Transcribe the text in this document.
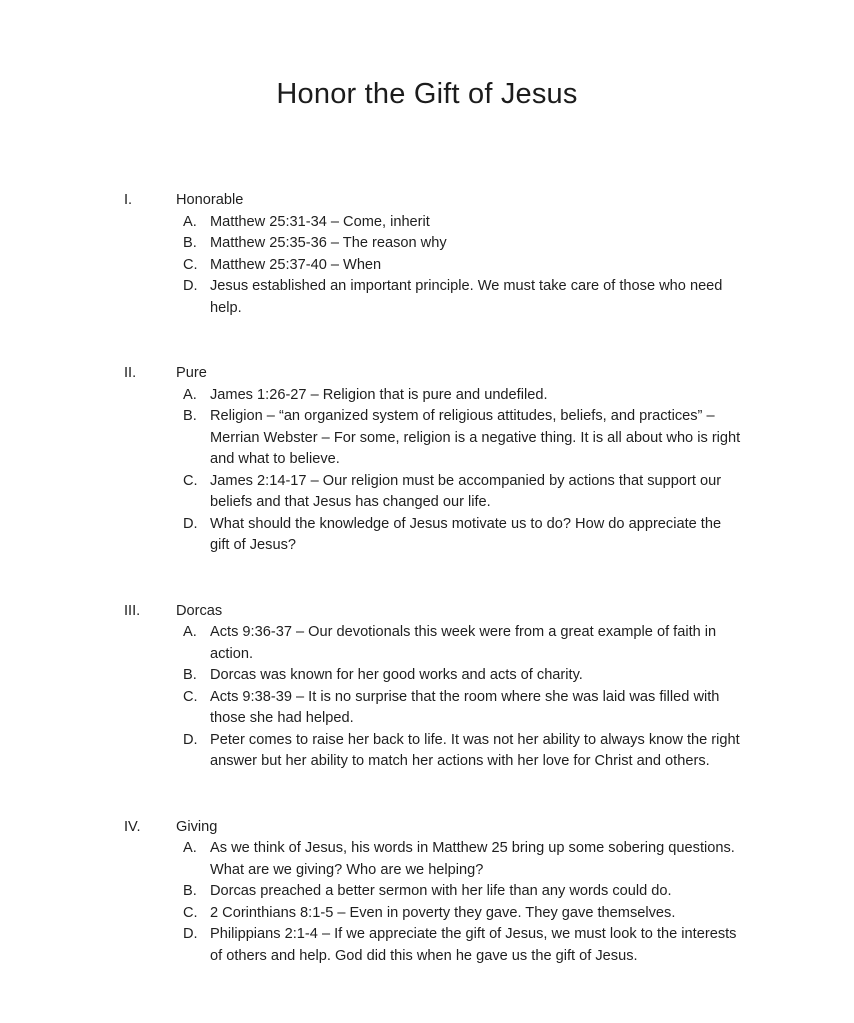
Honor the Gift of Jesus
I.	Honorable
A. Matthew 25:31-34 – Come, inherit
B. Matthew 25:35-36 – The reason why
C. Matthew 25:37-40 – When
D. Jesus established an important principle. We must take care of those who need help.
II.	Pure
A. James 1:26-27 – Religion that is pure and undefiled.
B. Religion – “an organized system of religious attitudes, beliefs, and practices” – Merrian Webster – For some, religion is a negative thing. It is all about who is right and what to believe.
C. James 2:14-17 – Our religion must be accompanied by actions that support our beliefs and that Jesus has changed our life.
D. What should the knowledge of Jesus motivate us to do? How do appreciate the gift of Jesus?
III.	Dorcas
A. Acts 9:36-37 – Our devotionals this week were from a great example of faith in action.
B. Dorcas was known for her good works and acts of charity.
C. Acts 9:38-39 – It is no surprise that the room where she was laid was filled with those she had helped.
D. Peter comes to raise her back to life. It was not her ability to always know the right answer but her ability to match her actions with her love for Christ and others.
IV.	Giving
A. As we think of Jesus, his words in Matthew 25 bring up some sobering questions. What are we giving? Who are we helping?
B. Dorcas preached a better sermon with her life than any words could do.
C. 2 Corinthians 8:1-5 – Even in poverty they gave. They gave themselves.
D. Philippians 2:1-4 – If we appreciate the gift of Jesus, we must look to the interests of others and help. God did this when he gave us the gift of Jesus.
